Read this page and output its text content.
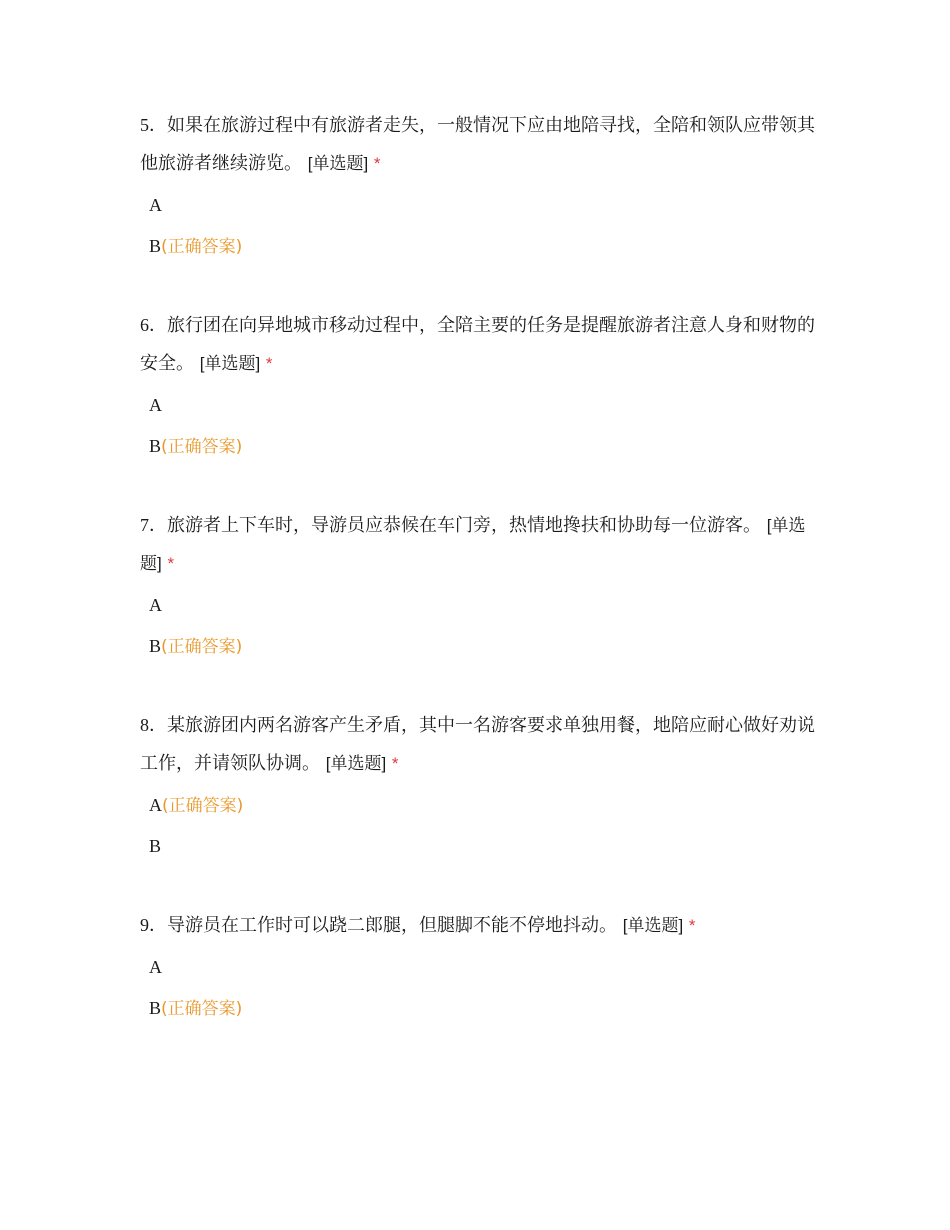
5．如果在旅游过程中有旅游者走失，一般情况下应由地陪寻找，全陪和领队应带领其他旅游者继续游览。 [单选题] *

A
B(正确答案)

6．旅行团在向异地城市移动过程中，全陪主要的任务是提醒旅游者注意人身和财物的安全。 [单选题] *

A
B(正确答案)

7．旅游者上下车时，导游员应恭候在车门旁，热情地搀扶和协助每一位游客。 [单选题] *

A
B(正确答案)

8．某旅游团内两名游客产生矛盾，其中一名游客要求单独用餐，地陪应耐心做好劝说工作，并请领队协调。 [单选题] *

A(正确答案)
B

9．导游员在工作时可以跷二郎腿，但腿脚不能不停地抖动。 [单选题] *

A
B(正确答案)
